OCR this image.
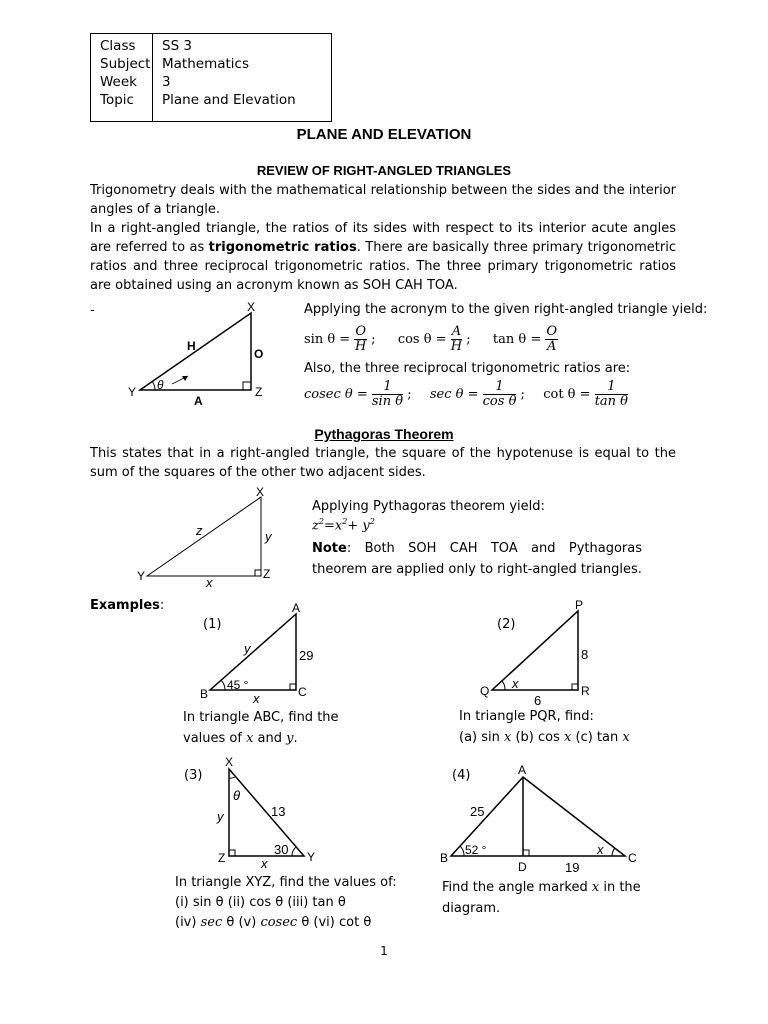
Class	SS 3
Subject	Mathematics
Week	3
Topic	Plane and Elevation
PLANE AND ELEVATION
REVIEW OF RIGHT-ANGLED TRIANGLES
Trigonometry deals with the mathematical relationship between the sides and the interior angles of a triangle.
In a right-angled triangle, the ratios of its sides with respect to its interior acute angles are referred to as trigonometric ratios. There are basically three primary trigonometric ratios and three reciprocal trigonometric ratios. The three primary trigonometric ratios are obtained using an acronym known as SOH CAH TOA.
-	X
Y	Z
H
O
A
θ
Applying the acronym to the given right-angled triangle yield:
$\sin \theta = \frac{O}{H}$ ; $\cos \theta = \frac{A}{H}$ ; $\tan \theta = \frac{O}{A}$
Also, the three reciprocal trigonometric ratios are:
cosec $\theta = \frac{1}{\text{sin θ}}$ ; $\sec \theta = \frac{1}{\text{cos θ}}$ ; $\cot \theta = \frac{1}{\text{tan θ}}$
Pythagoras Theorem
This states that in a right-angled triangle, the square of the hypotenuse is equal to the sum of the squares of the other two adjacent sides.
X
Y	Z
z	y
x
Applying Pythagoras theorem yield:
$z^2=x^2+ y^2$
Note: Both SOH CAH TOA and Pythagoras theorem are applied only to right-angled triangles.
Examples:
(1)
A
B	C
29
y
x
45 °
In triangle ABC, find the
values of x and y.
(2)
P
Q	R
8
6
x
In triangle PQR, find:
(a) sin x (b) cos x (c) tan x
(3)
X
Y
Z
13
y
x
30
θ
In triangle XYZ, find the values of:
(i) sin θ (ii) cos θ (iii) tan θ
(iv) sec θ (v) cosec θ (vi) cot θ
(4)	A
B	C
D
25
19
52 °	x
Find the angle marked x in the
diagram.
1
